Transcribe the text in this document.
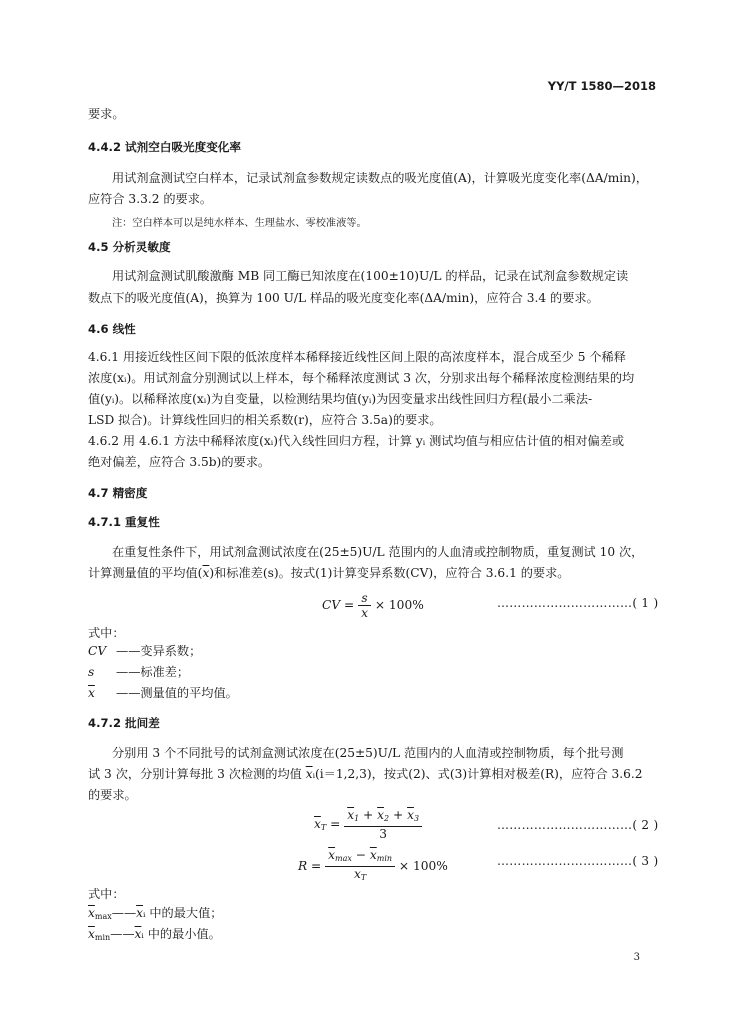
YY/T 1580—2018
要求。
4.4.2 试剂空白吸光度变化率
用试剂盒测试空白样本，记录试剂盒参数规定读数点的吸光度值(A)，计算吸光度变化率(ΔA/min)，
应符合 3.3.2 的要求。
注：空白样本可以是纯水样本、生理盐水、零校准液等。
4.5 分析灵敏度
用试剂盒测试肌酸激酶 MB 同工酶已知浓度在(100±10)U/L 的样品，记录在试剂盒参数规定读
数点下的吸光度值(A)，换算为 100 U/L 样品的吸光度变化率(ΔA/min)，应符合 3.4 的要求。
4.6 线性
4.6.1 用接近线性区间下限的低浓度样本稀释接近线性区间上限的高浓度样本，混合成至少 5 个稀释
浓度(xᵢ)。用试剂盒分别测试以上样本，每个稀释浓度测试 3 次，分别求出每个稀释浓度检测结果的均
值(yᵢ)。以稀释浓度(xᵢ)为自变量，以检测结果均值(yᵢ)为因变量求出线性回归方程(最小二乘法-
LSD 拟合)。计算线性回归的相关系数(r)，应符合 3.5a)的要求。
4.6.2 用 4.6.1 方法中稀释浓度(xᵢ)代入线性回归方程，计算 yᵢ 测试均值与相应估计值的相对偏差或
绝对偏差，应符合 3.5b)的要求。
4.7 精密度
4.7.1 重复性
在重复性条件下，用试剂盒测试浓度在(25±5)U/L 范围内的人血清或控制物质，重复测试 10 次，
计算测量值的平均值$(\overline{x})$和标准差(s)。按式(1)计算变异系数(CV)，应符合 3.6.1 的要求。
CV = $\frac{s}{x} \times 100\%$	……………………………( 1 )
式中：
CV ——变异系数；
s ——标准差；
$\overline{x}$ ——测量值的平均值。
4.7.2 批间差
分别用 3 个不同批号的试剂盒测试浓度在(25±5)U/L 范围内的人血清或控制物质，每个批号测
试 3 次，分别计算每批 3 次检测的均值 $\overline{x}ᵢ(i=1,2,3)$，按式(2)、式(3)计算相对极差(R)，应符合 3.6.2
的要求。
$\overline{x}_T = \frac{\overline{x}_1 + \overline{x}_2 + \overline{x}_3}{3}$	……………………………( 2 )
$R = \frac{\overline{x}_{max} - \overline{x}_{min}}{\overline{x}_T} \times 100\%$	……………………………( 3 )
式中：
$\overline{x}_{max}——\overline{x}ᵢ$ 中的最大值；
$\overline{x}_{min}——\overline{x}ᵢ$ 中的最小值。
3
